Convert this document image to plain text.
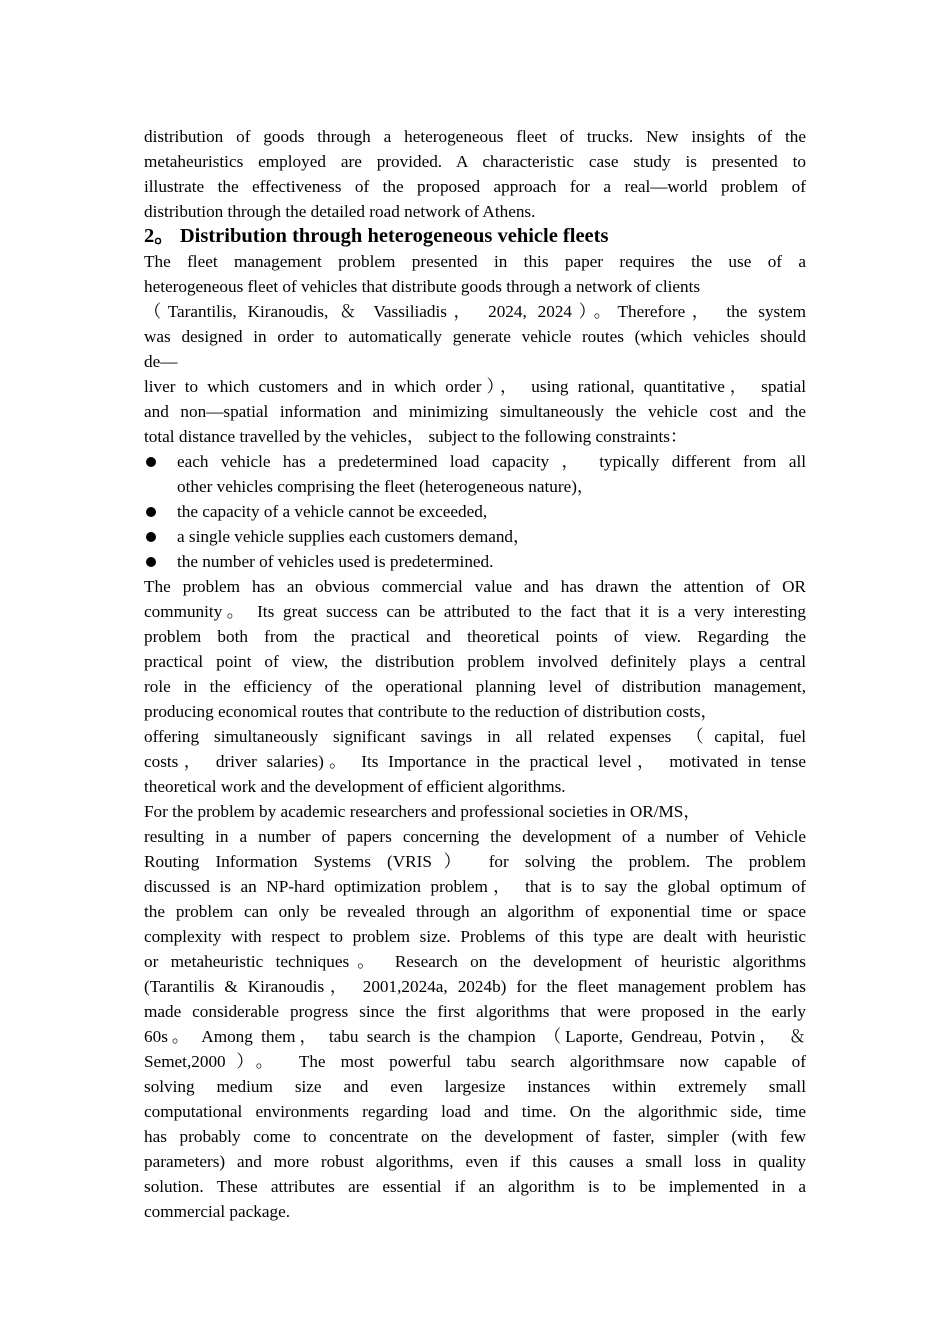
distribution of goods through a heterogeneous fleet of trucks. New insights of the
metaheuristics employed are provided. A characteristic case study is presented to
illustrate the effectiveness of the proposed approach for a real—world problem of
distribution through the detailed road network of Athens.
2。 Distribution through heterogeneous vehicle fleets
The fleet management problem presented in this paper requires the use of a
heterogeneous fleet of vehicles that distribute goods through a network of clients
（Tarantilis, Kiranoudis, ＆ Vassiliadis， 2024, 2024）。Therefore， the system
was designed in order to automatically generate vehicle routes (which vehicles should
de—
liver to which customers and in which order）， using rational, quantitative， spatial
and non—spatial information and minimizing simultaneously the vehicle cost and the
total distance travelled by the vehicles， subject to the following constraints：
each vehicle has a predetermined load capacity ， typically different from all
other vehicles comprising the fleet (heterogeneous nature)，
the capacity of a vehicle cannot be exceeded,
a single vehicle supplies each customers demand，
the number of vehicles used is predetermined.
The problem has an obvious commercial value and has drawn the attention of OR
community。 Its great success can be attributed to the fact that it is a very interesting
problem both from the practical and theoretical points of view. Regarding the
practical point of view, the distribution problem involved definitely plays a central
role in the efficiency of the operational planning level of distribution management,
producing economical routes that contribute to the reduction of distribution costs，
offering simultaneously significant savings in all related expenses （capital, fuel
costs， driver salaries)。 Its Importance in the practical level， motivated in tense
theoretical work and the development of efficient algorithms.
For the problem by academic researchers and professional societies in OR/MS，
resulting in a number of papers concerning the development of a number of Vehicle
Routing Information Systems (VRIS） for solving the problem. The problem
discussed is an NP-hard optimization problem， that is to say the global optimum of
the problem can only be revealed through an algorithm of exponential time or space
complexity with respect to problem size. Problems of this type are dealt with heuristic
or metaheuristic techniques。 Research on the development of heuristic algorithms
(Tarantilis & Kiranoudis， 2001,2024a, 2024b) for the fleet management problem has
made considerable progress since the first algorithms that were proposed in the early
60s。 Among them， tabu search is the champion （Laporte, Gendreau, Potvin， ＆
Semet,2000）。 The most powerful tabu search algorithmsare now capable of
solving medium size and even largesize instances within extremely small
computational environments regarding load and time. On the algorithmic side, time
has probably come to concentrate on the development of faster, simpler (with few
parameters) and more robust algorithms, even if this causes a small loss in quality
solution. These attributes are essential if an algorithm is to be implemented in a
commercial package.
